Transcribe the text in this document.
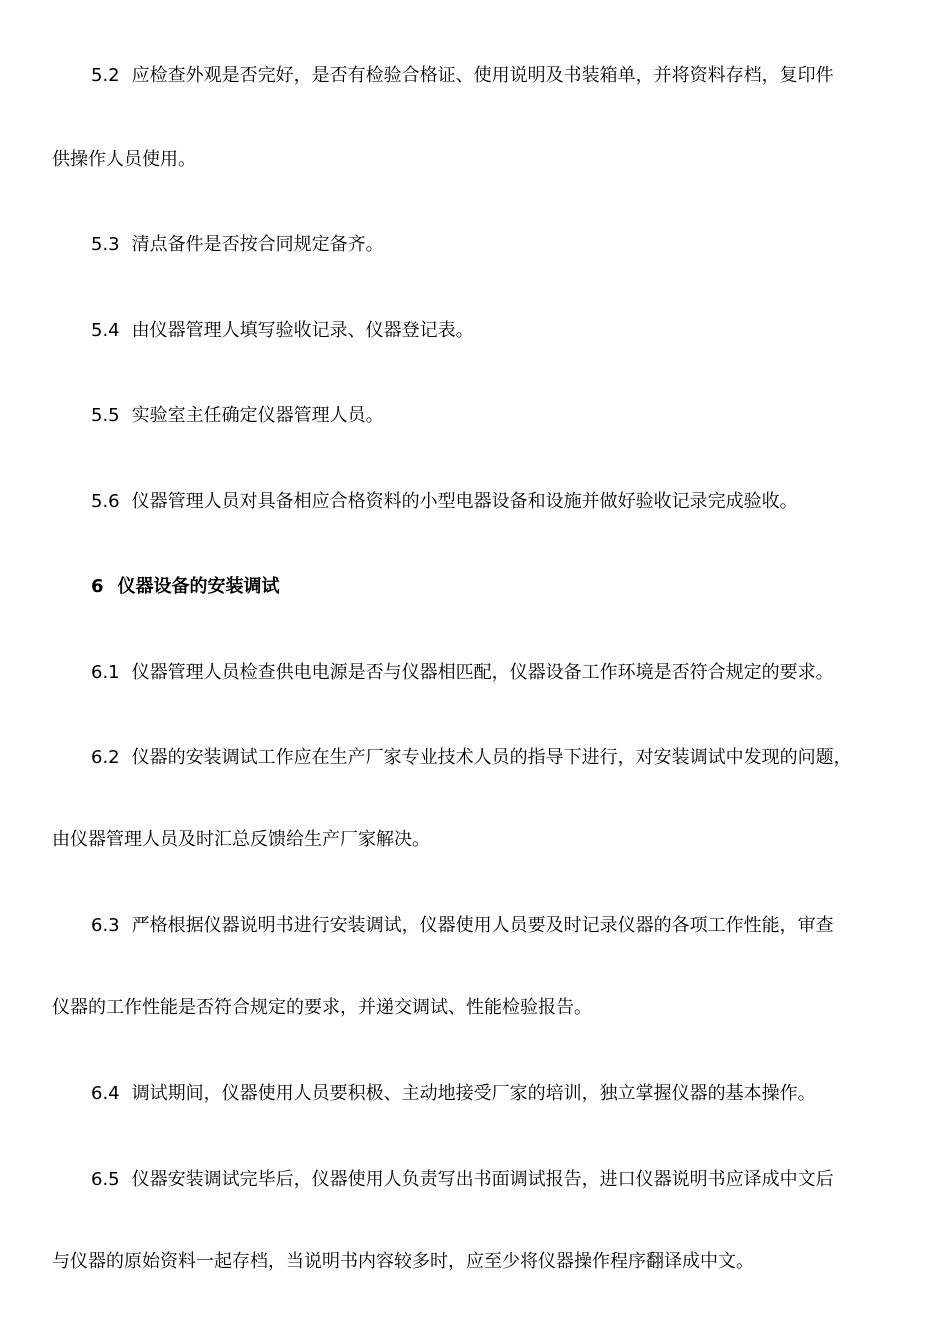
5.2 应检查外观是否完好，是否有检验合格证、使用说明及书装箱单，并将资料存档，复印件
供操作人员使用。
5.3 清点备件是否按合同规定备齐。
5.4 由仪器管理人填写验收记录、仪器登记表。
5.5 实验室主任确定仪器管理人员。
5.6 仪器管理人员对具备相应合格资料的小型电器设备和设施并做好验收记录完成验收。
6 仪器设备的安装调试
6.1 仪器管理人员检查供电电源是否与仪器相匹配，仪器设备工作环境是否符合规定的要求。
6.2 仪器的安装调试工作应在生产厂家专业技术人员的指导下进行，对安装调试中发现的问题，
由仪器管理人员及时汇总反馈给生产厂家解决。
6.3 严格根据仪器说明书进行安装调试，仪器使用人员要及时记录仪器的各项工作性能，审查
仪器的工作性能是否符合规定的要求，并递交调试、性能检验报告。
6.4 调试期间，仪器使用人员要积极、主动地接受厂家的培训，独立掌握仪器的基本操作。
6.5 仪器安装调试完毕后，仪器使用人负责写出书面调试报告，进口仪器说明书应译成中文后
与仪器的原始资料一起存档，当说明书内容较多时，应至少将仪器操作程序翻译成中文。
